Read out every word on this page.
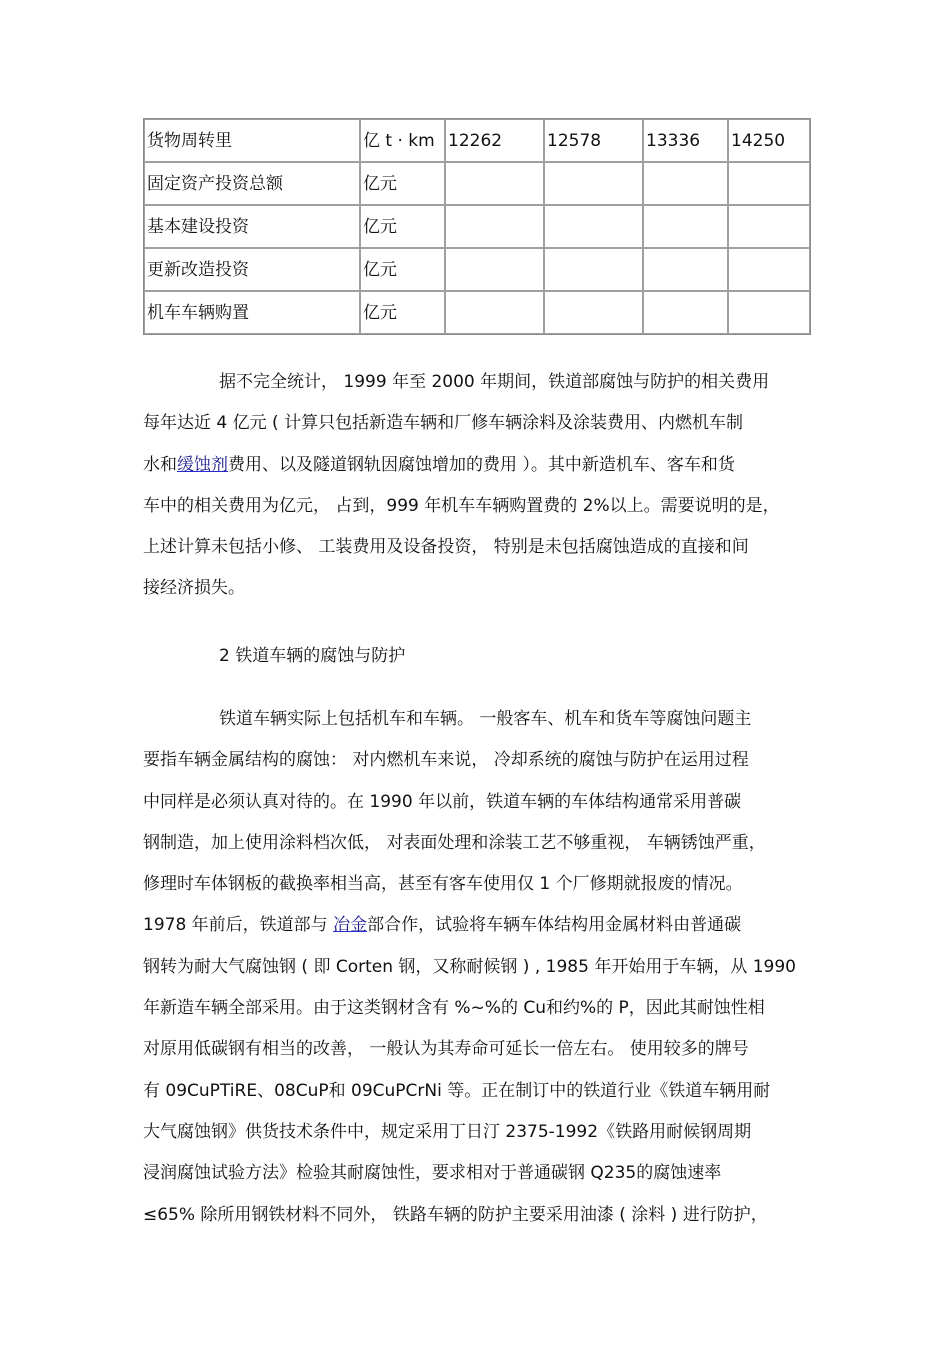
货物周转里	亿 t · km	12262	12578	13336	14250
固定资产投资总额	亿元				
基本建设投资	亿元				
更新改造投资	亿元				
机车车辆购置	亿元				
据不完全统计， 1999 年至 2000 年期间，铁道部腐蚀与防护的相关费用
每年达近 4 亿元 ( 计算只包括新造车辆和厂修车辆涂料及涂装费用、内燃机车制
水和缓蚀剂费用、以及隧道钢轨因腐蚀增加的费用 ）。其中新造机车、客车和货
车中的相关费用为亿元， 占到，999 年机车车辆购置费的 2%以上。需要说明的是，
上述计算未包括小修、 工装费用及设备投资， 特别是未包括腐蚀造成的直接和间
接经济损失。
2 铁道车辆的腐蚀与防护
铁道车辆实际上包括机车和车辆。 一般客车、机车和货车等腐蚀问题主
要指车辆金属结构的腐蚀： 对内燃机车来说， 冷却系统的腐蚀与防护在运用过程
中同样是必须认真对待的。在 1990 年以前，铁道车辆的车体结构通常采用普碳
钢制造，加上使用涂料档次低， 对表面处理和涂装工艺不够重视， 车辆锈蚀严重，
修理时车体钢板的截换率相当高，甚至有客车使用仅 1 个厂修期就报废的情况。
1978 年前后，铁道部与 冶金部合作，试验将车辆车体结构用金属材料由普通碳
钢转为耐大气腐蚀钢 ( 即 Corten 钢，又称耐候钢 ) , 1985 年开始用于车辆，从 1990
年新造车辆全部采用。由于这类钢材含有 %~%的 Cu和约%的 P，因此其耐蚀性相
对原用低碳钢有相当的改善， 一般认为其寿命可延长一倍左右。 使用较多的牌号
有 09CuPTiRE、08CuP和 09CuPCrNi 等。正在制订中的铁道行业《铁道车辆用耐
大气腐蚀钢》供货技术条件中，规定采用丁日汀 2375-1992《铁路用耐候钢周期
浸润腐蚀试验方法》检验其耐腐蚀性，要求相对于普通碳钢 Q235的腐蚀速率
≤65% 除所用钢铁材料不同外， 铁路车辆的防护主要采用油漆 ( 涂料 ) 进行防护，
